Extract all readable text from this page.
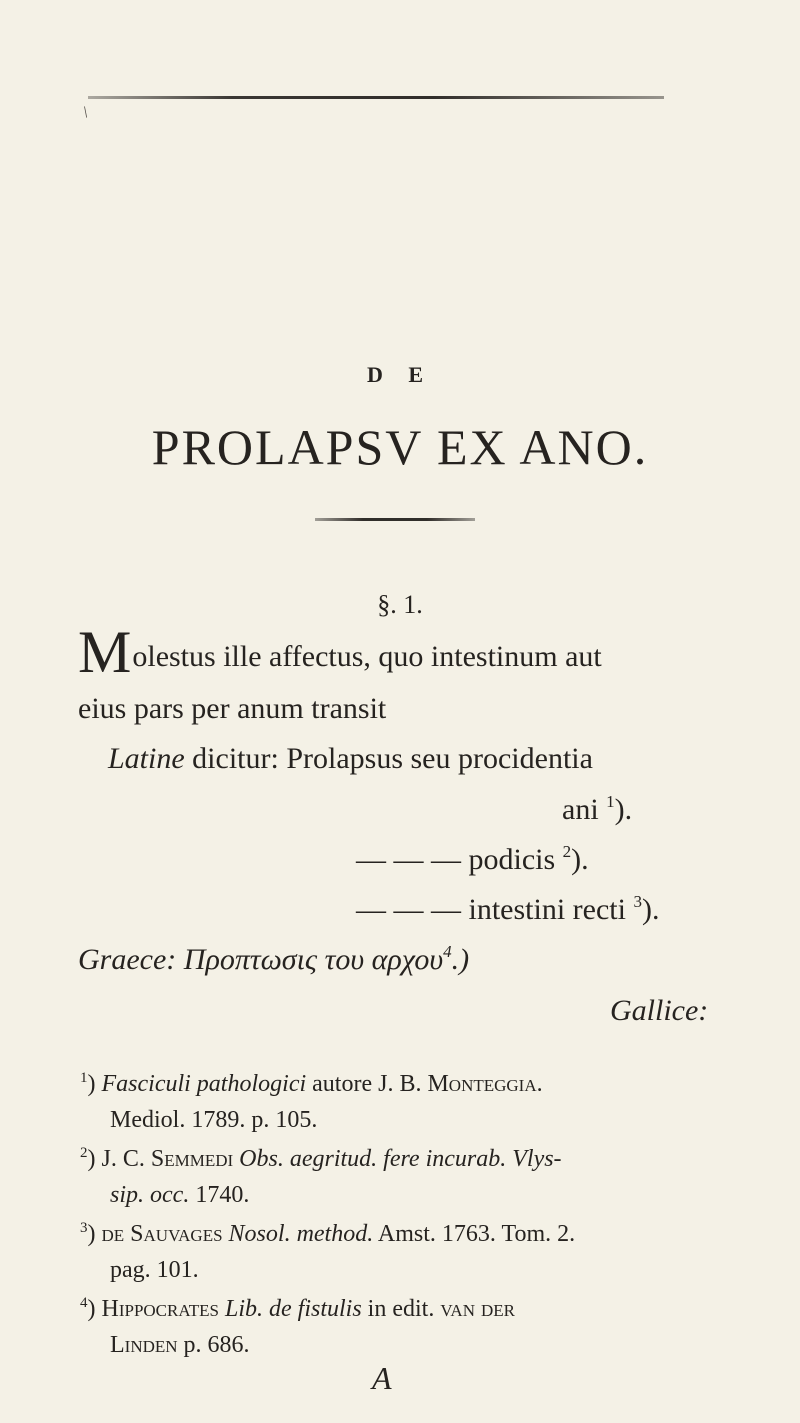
/
D E
PROLAPSV EX ANO.
§. 1.
Molestus ille affectus, quo intestinum aut
eius pars per anum transit
Latine dicitur: Prolapsus seu procidentia
ani $^1$).
— — — podicis $^2$).
— — — intestini recti $^3$).
Graece: Προπτωσις του αρχου$^4$.)
Gallice:
$^1$) Fasciculi pathologici autore J. B. Monteggia.
Mediol. 1789. p. 105.
$^2$) J. C. Semmedi Obs. aegritud. fere incurab. Vlys-
sip. occ. 1740.
$^3$) de Sauvages Nosol. method. Amst. 1763. Tom. 2.
pag. 101.
$^4$) Hippocrates Lib. de fistulis in edit. van der
Linden p. 686.
A
